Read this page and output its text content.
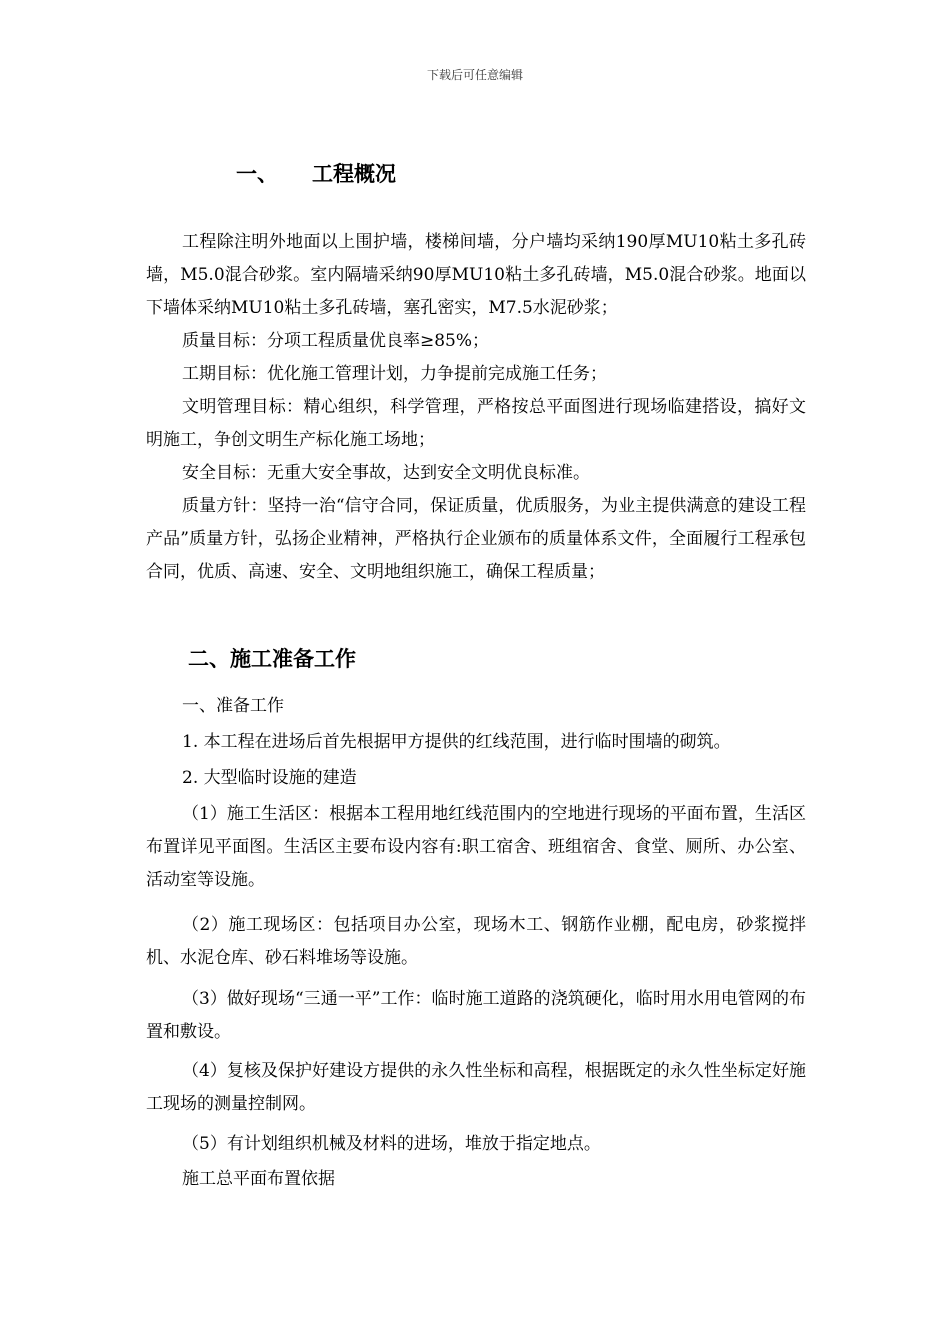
下载后可任意编辑
一、 工程概况
工程除注明外地面以上围护墙，楼梯间墙，分户墙均采纳190厚MU10粘土多孔砖墙，M5.0混合砂浆。室内隔墙采纳90厚MU10粘土多孔砖墙，M5.0混合砂浆。地面以下墙体采纳MU10粘土多孔砖墙，塞孔密实，M7.5水泥砂浆；
质量目标：分项工程质量优良率≥85%；
工期目标：优化施工管理计划，力争提前完成施工任务；
文明管理目标：精心组织，科学管理，严格按总平面图进行现场临建搭设，搞好文明施工，争创文明生产标化施工场地；
安全目标：无重大安全事故，达到安全文明优良标准。
质量方针：坚持一治“信守合同，保证质量，优质服务，为业主提供满意的建设工程产品”质量方针，弘扬企业精神，严格执行企业颁布的质量体系文件，全面履行工程承包合同，优质、高速、安全、文明地组织施工，确保工程质量；
二、施工准备工作
一、准备工作
1. 本工程在进场后首先根据甲方提供的红线范围，进行临时围墙的砌筑。
2. 大型临时设施的建造
（1）施工生活区：根据本工程用地红线范围内的空地进行现场的平面布置，生活区布置详见平面图。生活区主要布设内容有:职工宿舍、班组宿舍、食堂、厕所、办公室、活动室等设施。
（2）施工现场区：包括项目办公室，现场木工、钢筋作业棚，配电房，砂浆搅拌机、水泥仓库、砂石料堆场等设施。
（3）做好现场“三通一平”工作：临时施工道路的浇筑硬化，临时用水用电管网的布置和敷设。
（4）复核及保护好建设方提供的永久性坐标和高程，根据既定的永久性坐标定好施工现场的测量控制网。
（5）有计划组织机械及材料的进场，堆放于指定地点。
施工总平面布置依据
